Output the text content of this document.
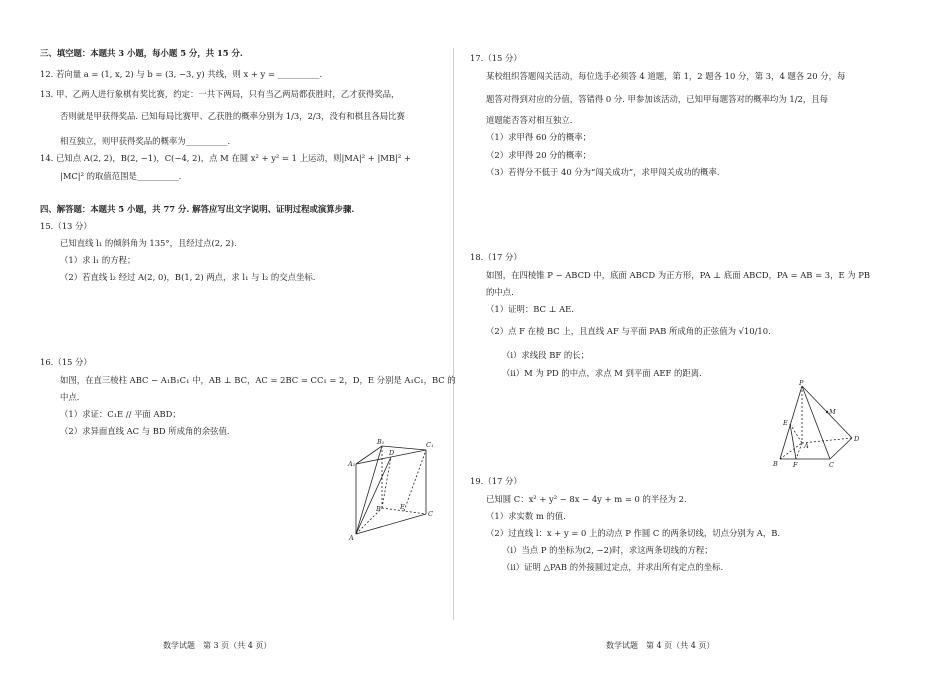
三、填空题：本题共 3 小题，每小题 5 分，共 15 分.
12. 若向量 a = (1, x, 2) 与 b = (3, −3, y) 共线，则 x + y = __________.
13. 甲、乙两人进行象棋有奖比赛，约定：一共下两局，只有当乙两局都获胜时，乙才获得奖品，
否则就是甲获得奖品. 已知每局比赛甲、乙获胜的概率分别为 1/3，2/3，没有和棋且各局比赛
相互独立，则甲获得奖品的概率为__________.
14. 已知点 A(2, 2)，B(2, −1)，C(−4, 2)，点 M 在圆 x² + y² = 1 上运动，则|MA|² + |MB|² +
|MC|² 的取值范围是__________.
四、解答题：本题共 5 小题，共 77 分. 解答应写出文字说明、证明过程或演算步骤.
15.（13 分）
已知直线 l₁ 的倾斜角为 135°，且经过点(2, 2).
（1）求 l₁ 的方程；
（2）若直线 l₂ 经过 A(2, 0)，B(1, 2) 两点，求 l₁ 与 l₂ 的交点坐标.
16.（15 分）
如图，在直三棱柱 ABC − A₁B₁C₁ 中，AB ⊥ BC，AC = 2BC = CC₁ = 2，D，E 分别是 A₁C₁，BC 的
中点.
（1）求证：C₁E // 平面 ABD；
（2）求异面直线 AC 与 BD 所成角的余弦值.
数学试题　第 3 页（共 4 页）
B₁
D
C₁
A₁
B	E
C
A
17.（15 分）
某校组织答题闯关活动，每位选手必须答 4 道题，第 1，2 题各 10 分，第 3，4 题各 20 分，每
题答对得到对应的分值，答错得 0 分. 甲参加该活动，已知甲每题答对的概率均为 1/2，且每
道题能否答对相互独立.
（1）求甲得 60 分的概率；
（2）求甲得 20 分的概率；
（3）若得分不低于 40 分为“闯关成功”，求甲闯关成功的概率.
18.（17 分）
如图，在四棱锥 P − ABCD 中，底面 ABCD 为正方形，PA ⊥ 底面 ABCD，PA = AB = 3，E 为 PB
的中点.
（1）证明：BC ⊥ AE.
（2）点 F 在棱 BC 上，且直线 AF 与平面 PAB 所成角的正弦值为 √10/10.
（ⅰ）求线段 BF 的长；
（ⅱ）M 为 PD 的中点，求点 M 到平面 AEF 的距离.
19.（17 分）
已知圆 C：x² + y² − 8x − 4y + m = 0 的半径为 2.
（1）求实数 m 的值.
（2）过直线 l：x + y = 0 上的动点 P 作圆 C 的两条切线，切点分别为 A，B.
（ⅰ）当点 P 的坐标为(2, −2)时，求这两条切线的方程；
（ⅱ）证明 △PAB 的外接圆过定点，并求出所有定点的坐标.
数学试题　第 4 页（共 4 页）
P
M
E
D
A
B F	C
